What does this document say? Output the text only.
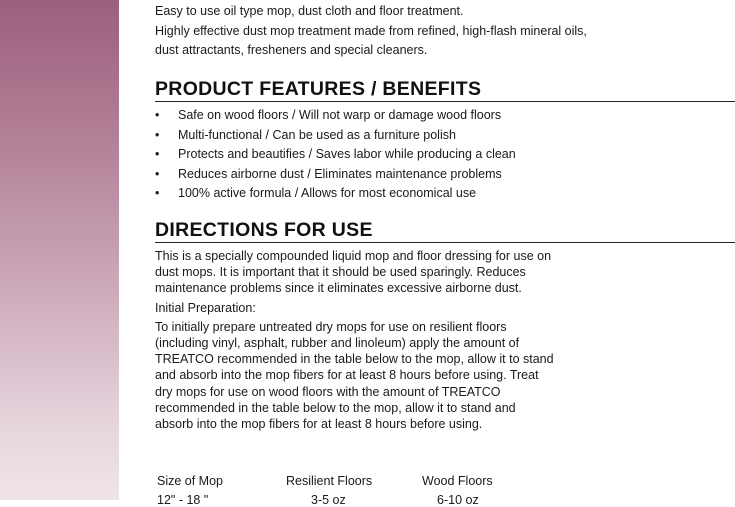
Easy to use oil type mop, dust cloth and floor treatment.

Highly effective dust mop treatment made from refined, high-flash mineral oils,

dust attractants, fresheners and special cleaners.

PRODUCT FEATURES / BENEFITS
• Safe on wood floors / Will not warp or damage wood floors
• Multi-functional / Can be used as a furniture polish
• Protects and beautifies / Saves labor while producing a clean
• Reduces airborne dust / Eliminates maintenance problems
• 100% active formula / Allows for most economical use
DIRECTIONS FOR USE

This is a specially compounded liquid mop and floor dressing for use on dust mops. It is important that it should be used sparingly. Reduces maintenance problems since it eliminates excessive airborne dust.

Initial Preparation:

To initially prepare untreated dry mops for use on resilient floors (including vinyl, asphalt, rubber and linoleum) apply the amount of TREATCO recommended in the table below to the mop, allow it to stand and absorb into the mop fibers for at least 8 hours before using. Treat dry mops for use on wood floors with the amount of TREATCO recommended in the table below to the mop, allow it to stand and absorb into the mop fibers for at least 8 hours before using.

Size of Mop	Resilient Floors	Wood Floors
12" - 18 "	3-5 oz	6-10 oz
